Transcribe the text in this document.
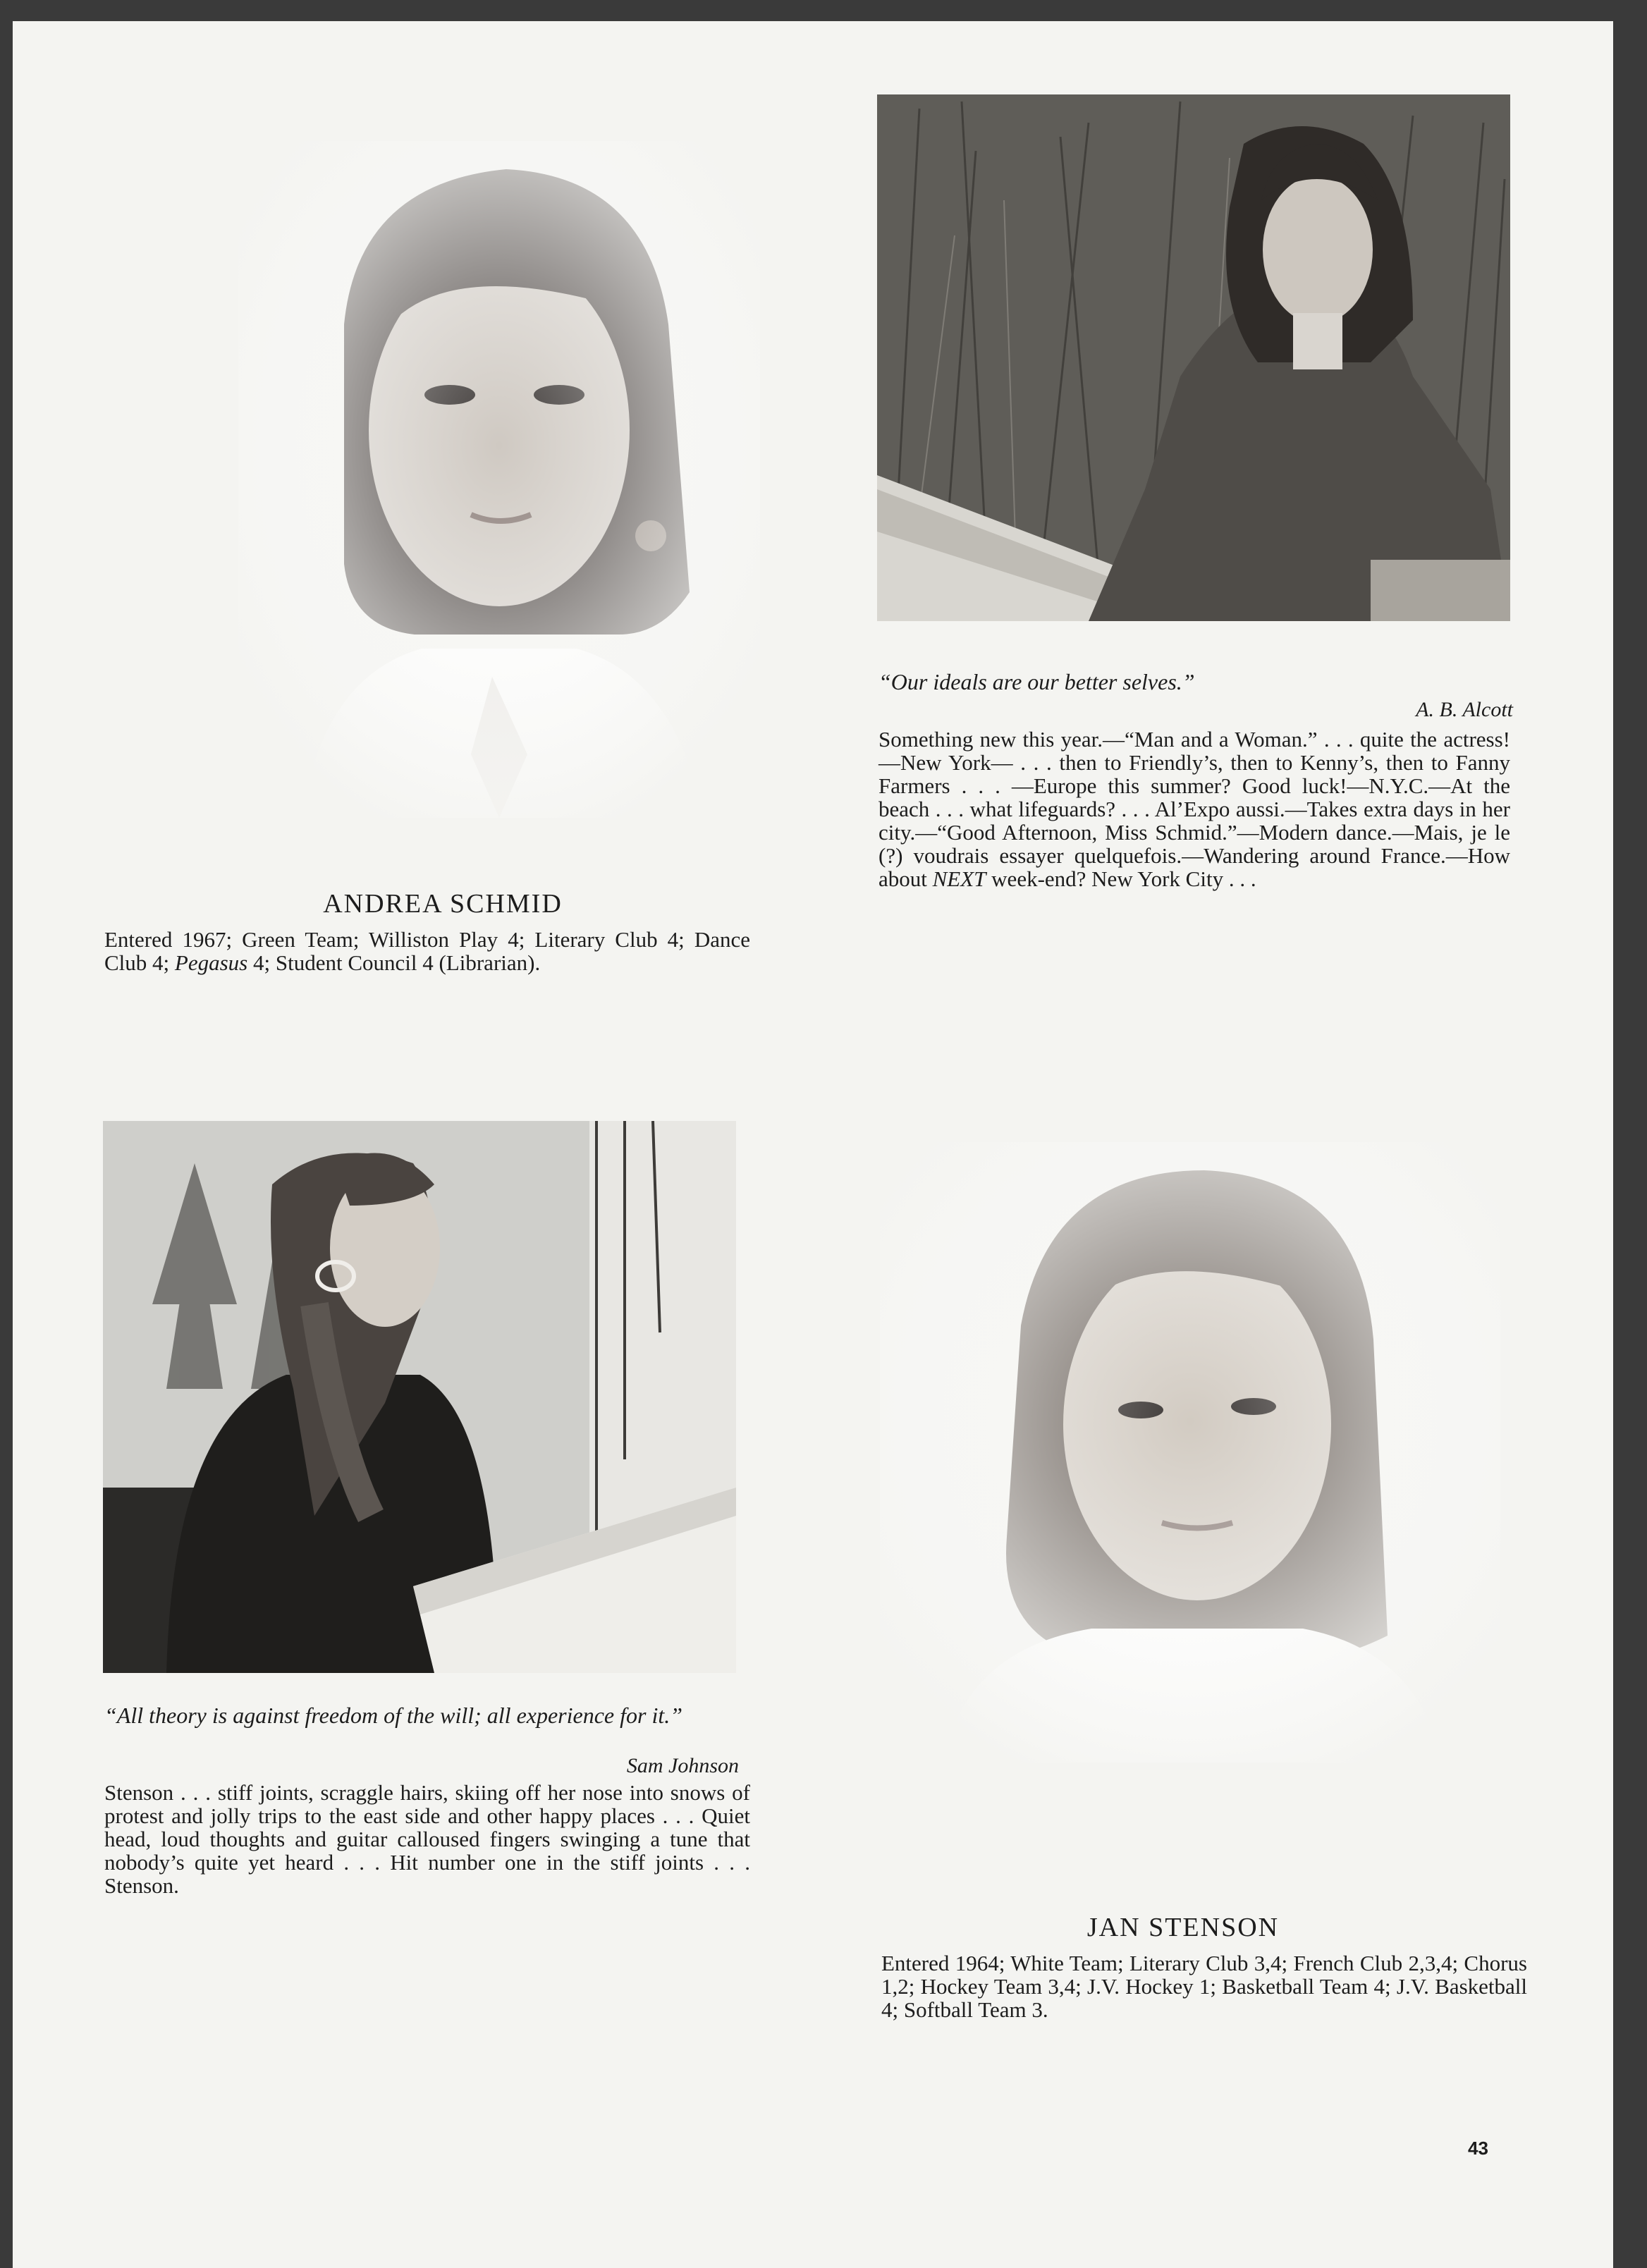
ANDREA SCHMID

Entered 1967; Green Team; Williston Play 4; Literary Club 4; Dance Club 4; Pegasus 4; Student Council 4 (Librarian).

“Our ideals are our better selves.”
A. B. Alcott

Something new this year.—“Man and a Woman.” . . . quite the actress!—New York— . . . then to Friendly’s, then to Kenny’s, then to Fanny Farmers . . . —Europe this summer? Good luck!—N.Y.C.—At the beach . . . what lifeguards? . . . Al’Expo aussi.—Takes extra days in her city.—“Good Afternoon, Miss Schmid.”—Modern dance.—Mais, je le (?) voudrais essayer quelquefois.—Wandering around France.—How about NEXT week-end? New York City . . .

“All theory is against freedom of the will; all experience for it.”
Sam Johnson
Stenson . . . stiff joints, scraggle hairs, skiing off her nose into snows of protest and jolly trips to the east side and other happy places . . . Quiet head, loud thoughts and guitar calloused fingers swinging a tune that nobody’s quite yet heard . . . Hit number one in the stiff joints . . . Stenson.
JAN STENSON
Entered 1964; White Team; Literary Club 3,4; French Club 2,3,4; Chorus 1,2; Hockey Team 3,4; J.V. Hockey 1; Basketball Team 4; J.V. Basketball 4; Softball Team 3.
43
